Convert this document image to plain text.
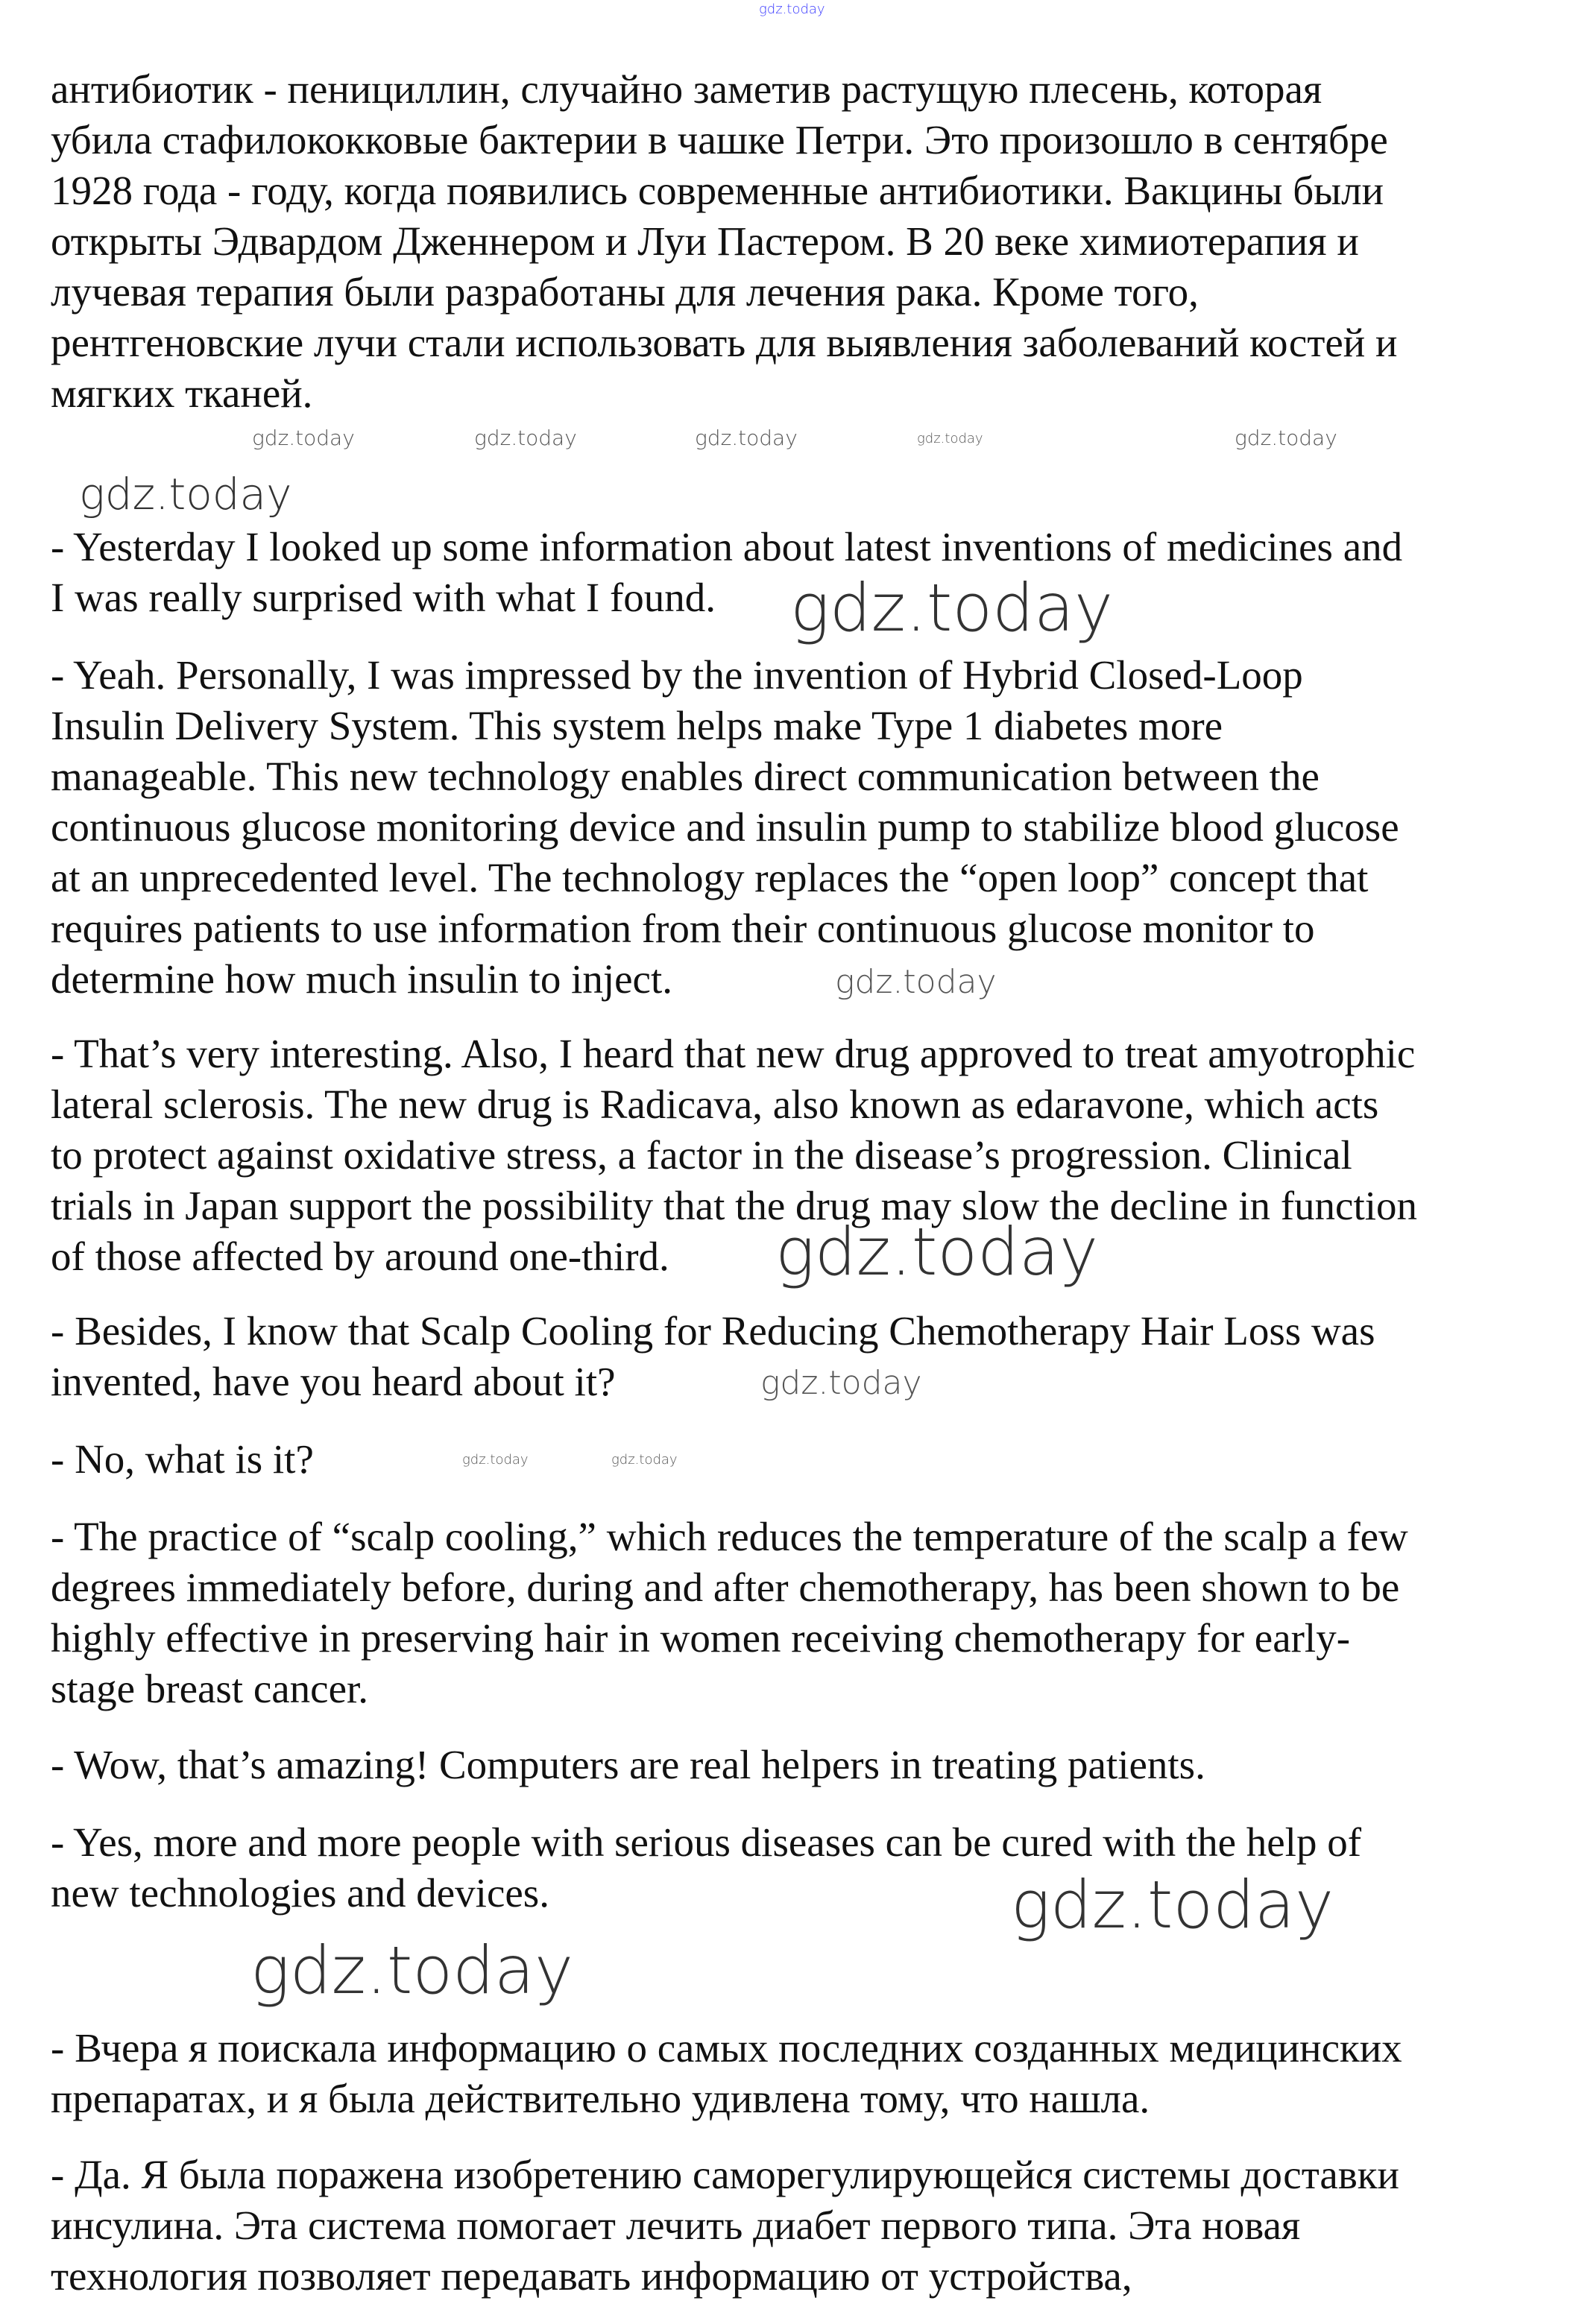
антибиотик - пенициллин, случайно заметив растущую плесень, которая
убила стафилококковые бактерии в чашке Петри. Это произошло в сентябре
1928 года - году, когда появились современные антибиотики. Вакцины были
открыты Эдвардом Дженнером и Луи Пастером. В 20 веке химиотерапия и
лучевая терапия были разработаны для лечения рака. Кроме того,
рентгеновские лучи стали использовать для выявления заболеваний костей и
мягких тканей.
- Yesterday I looked up some information about latest inventions of medicines and
I was really surprised with what I found.
- Yeah. Personally, I was impressed by the invention of Hybrid Closed-Loop
Insulin Delivery System. This system helps make Type 1 diabetes more
manageable. This new technology enables direct communication between the
continuous glucose monitoring device and insulin pump to stabilize blood glucose
at an unprecedented level. The technology replaces the “open loop” concept that
requires patients to use information from their continuous glucose monitor to
determine how much insulin to inject.
- That’s very interesting. Also, I heard that new drug approved to treat amyotrophic
lateral sclerosis. The new drug is Radicava, also known as edaravone, which acts
to protect against oxidative stress, a factor in the disease’s progression. Clinical
trials in Japan support the possibility that the drug may slow the decline in function
of those affected by around one-third.
- Besides, I know that Scalp Cooling for Reducing Chemotherapy Hair Loss was
invented, have you heard about it?
- No, what is it?
- The practice of “scalp cooling,” which reduces the temperature of the scalp a few
degrees immediately before, during and after chemotherapy, has been shown to be
highly effective in preserving hair in women receiving chemotherapy for early-
stage breast cancer.
- Wow, that’s amazing! Computers are real helpers in treating patients.
- Yes, more and more people with serious diseases can be cured with the help of
new technologies and devices.
- Вчера я поискала информацию о самых последних созданных медицинских
препаратах, и я была действительно удивлена тому, что нашла.
- Да. Я была поражена изобретению саморегулирующейся системы доставки
инсулина. Эта система помогает лечить диабет первого типа. Эта новая
технология позволяет передавать информацию от устройства,
gdz.today
gdz.today	gdz.today	gdz.today	gdz.today	gdz.today
gdz.today
gdz.today
gdz.today
gdz.today
gdz.today
gdz.today	gdz.today
gdz.today
gdz.today
